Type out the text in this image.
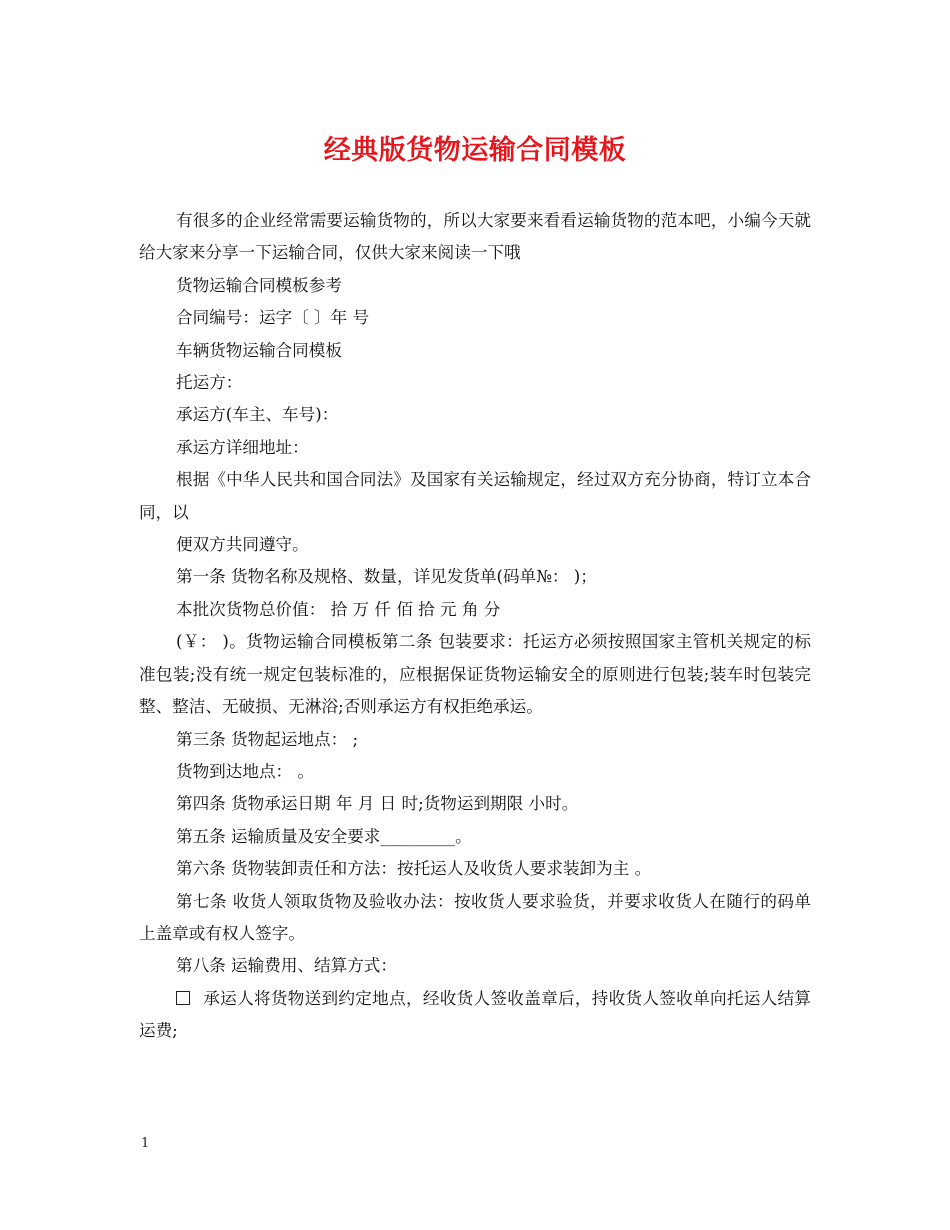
经典版货物运输合同模板

有很多的企业经常需要运输货物的，所以大家要来看看运输货物的范本吧，小编今天就给大家来分享一下运输合同，仅供大家来阅读一下哦

货物运输合同模板参考

合同编号：运字〔 〕年 号

车辆货物运输合同模板

托运方：

承运方(车主、车号)：

承运方详细地址：

根据《中华人民共和国合同法》及国家有关运输规定，经过双方充分协商，特订立本合同，以

便双方共同遵守。

第一条 货物名称及规格、数量，详见发货单(码单№： )；

本批次货物总价值： 拾 万 仟 佰 拾 元 角 分

(￥： )。货物运输合同模板第二条 包装要求：托运方必须按照国家主管机关规定的标准包装;没有统一规定包装标准的，应根据保证货物运输安全的原则进行包装;装车时包装完整、整洁、无破损、无淋浴;否则承运方有权拒绝承运。

第三条 货物起运地点： ;

货物到达地点： 。

第四条 货物承运日期 年 月 日 时;货物运到期限 小时。

第五条 运输质量及安全要求_________。

第六条 货物装卸责任和方法：按托运人及收货人要求装卸为主 。

第七条 收货人领取货物及验收办法：按收货人要求验货，并要求收货人在随行的码单上盖章或有权人签字。

第八条 运输费用、结算方式：

承运人将货物送到约定地点，经收货人签收盖章后，持收货人签收单向托运人结算运费;

1
